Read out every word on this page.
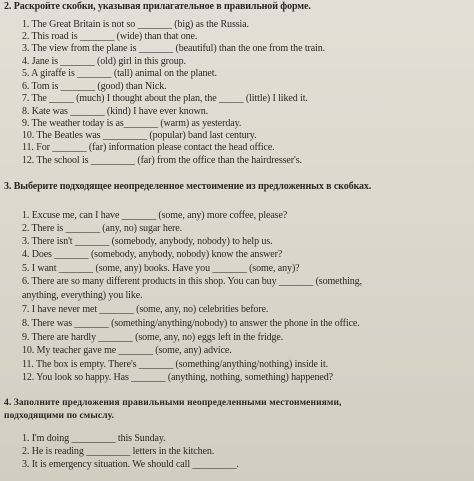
2. Раскройте скобки, указывая прилагательное в правильной форме.
1. The Great Britain is not so _______ (big) as the Russia.
2. This road is _______ (wide) than that one.
3. The view from the plane is _______ (beautiful) than the one from the train.
4. Jane is _______ (old) girl in this group.
5. A giraffe is _______ (tall) animal on the planet.
6. Tom is _______ (good) than Nick.
7. The _____ (much) I thought about the plan, the _____ (little) I liked it.
8. Kate was _______ (kind) I have ever known.
9. The weather today is as_______ (warm) as yesterday.
10. The Beatles was _________ (popular) band last century.
11. For _______ (far) information please contact the head office.
12. The school is _________ (far) from the office than the hairdresser's.
3. Выберите подходящее неопределенное местоимение из предложенных в скобках.
1. Excuse me, can I have _______ (some, any) more coffee, please?
2. There is _______ (any, no) sugar here.
3. There isn't _______ (somebody, anybody, nobody) to help us.
4. Does _______ (somebody, anybody, nobody) know the answer?
5. I want _______ (some, any) books. Have you _______ (some, any)?
6. There are so many different products in this shop. You can buy _______ (something,
anything, everything) you like.
7. I have never met _______ (some, any, no) celebrities before.
8. There was _______ (something/anything/nobody) to answer the phone in the office.
9. There are hardly _______ (some, any, no) eggs left in the fridge.
10. My teacher gave me _______ (some, any) advice.
11. The box is empty. There's _______ (something/anything/nothing) inside it.
12. You look so happy. Has _______ (anything, nothing, something) happened?
4. Заполните предложения правильными неопределенными местоимениями,
подходящими по смыслу.
1. I'm doing _________ this Sunday.
2. He is reading _________ letters in the kitchen.
3. It is emergency situation. We should call _________.
